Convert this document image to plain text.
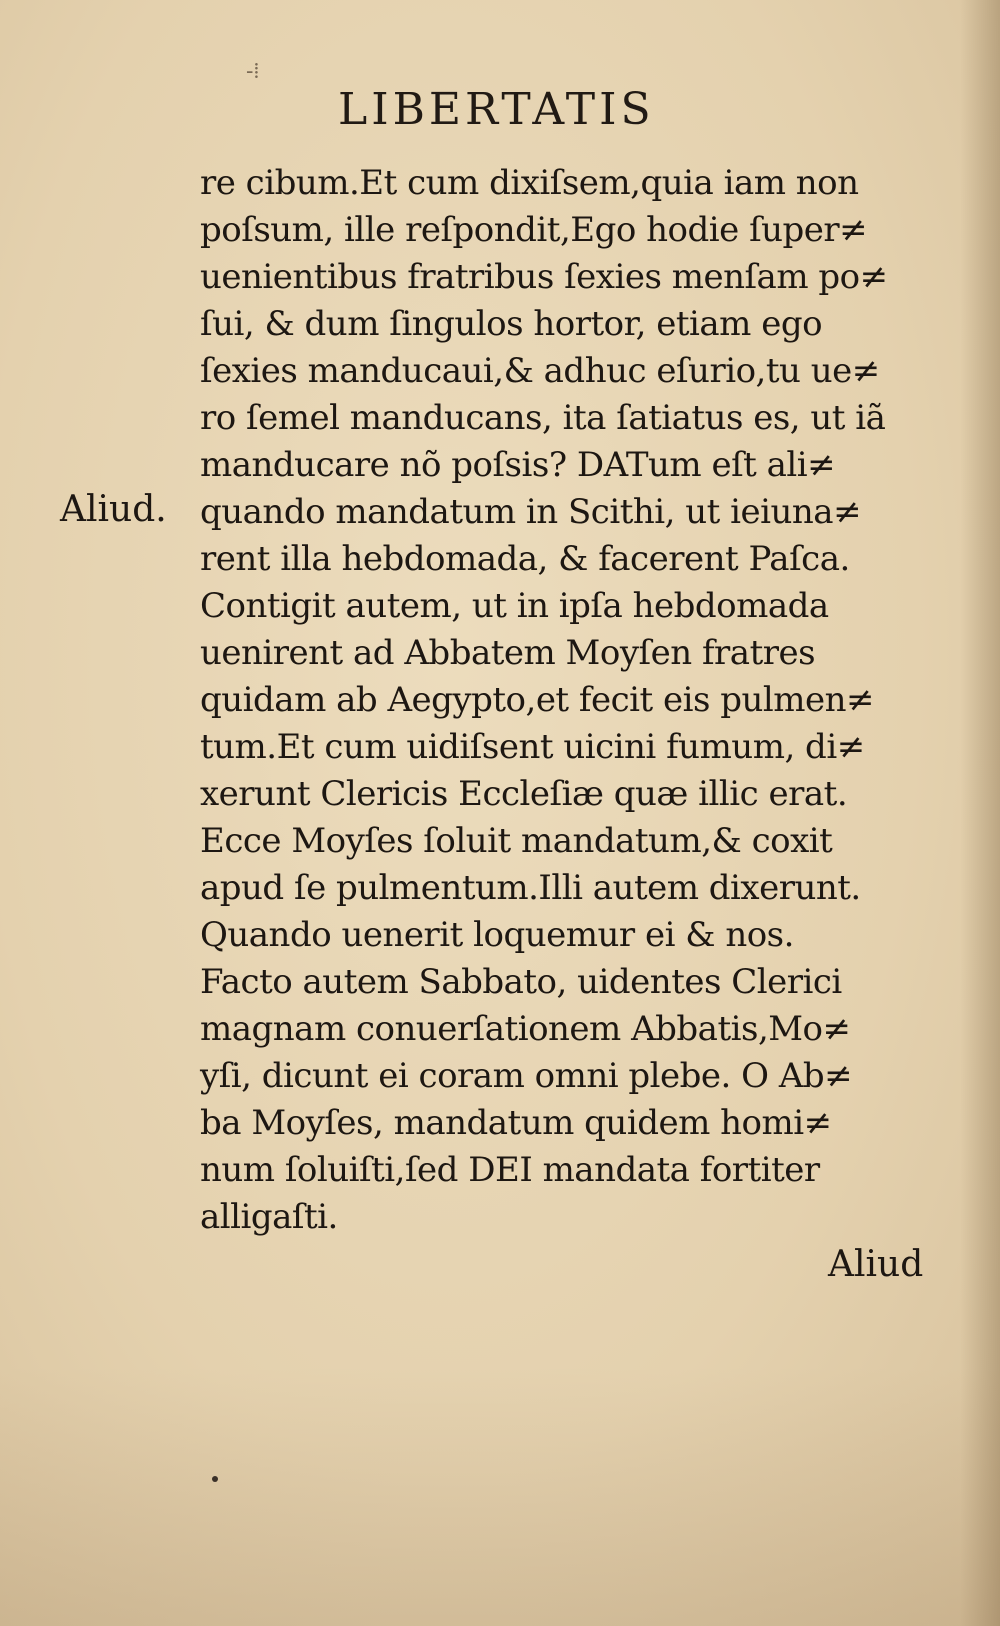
-⁞
LIBERTATIS
Aliud.
re cibum.Et cum dixiſsem,quia iam non
poſsum, ille reſpondit,Ego hodie ſuper≠
uenientibus fratribus ſexies menſam po≠
ſui, & dum ſingulos hortor, etiam ego
ſexies manducaui,& adhuc eſurio,tu ue≠
ro ſemel manducans, ita ſatiatus es, ut iã
manducare nõ poſsis? DATum eſt ali≠
quando mandatum in Scithi, ut ieiuna≠
rent illa hebdomada, & facerent Paſca.
Contigit autem, ut in ipſa hebdomada
uenirent ad Abbatem Moyſen fratres
quidam ab Aegypto,et fecit eis pulmen≠
tum.Et cum uidiſsent uicini fumum, di≠
xerunt Clericis Eccleſiæ quæ illic erat.
Ecce Moyſes ſoluit mandatum,& coxit
apud ſe pulmentum.Illi autem dixerunt.
Quando uenerit loquemur ei & nos.
Facto autem Sabbato, uidentes Clerici
magnam conuerſationem Abbatis,Mo≠
yſi, dicunt ei coram omni plebe. O Ab≠
ba Moyſes, mandatum quidem homi≠
num ſoluiſti,ſed DEI mandata fortiter
alligaſti.
Aliud
